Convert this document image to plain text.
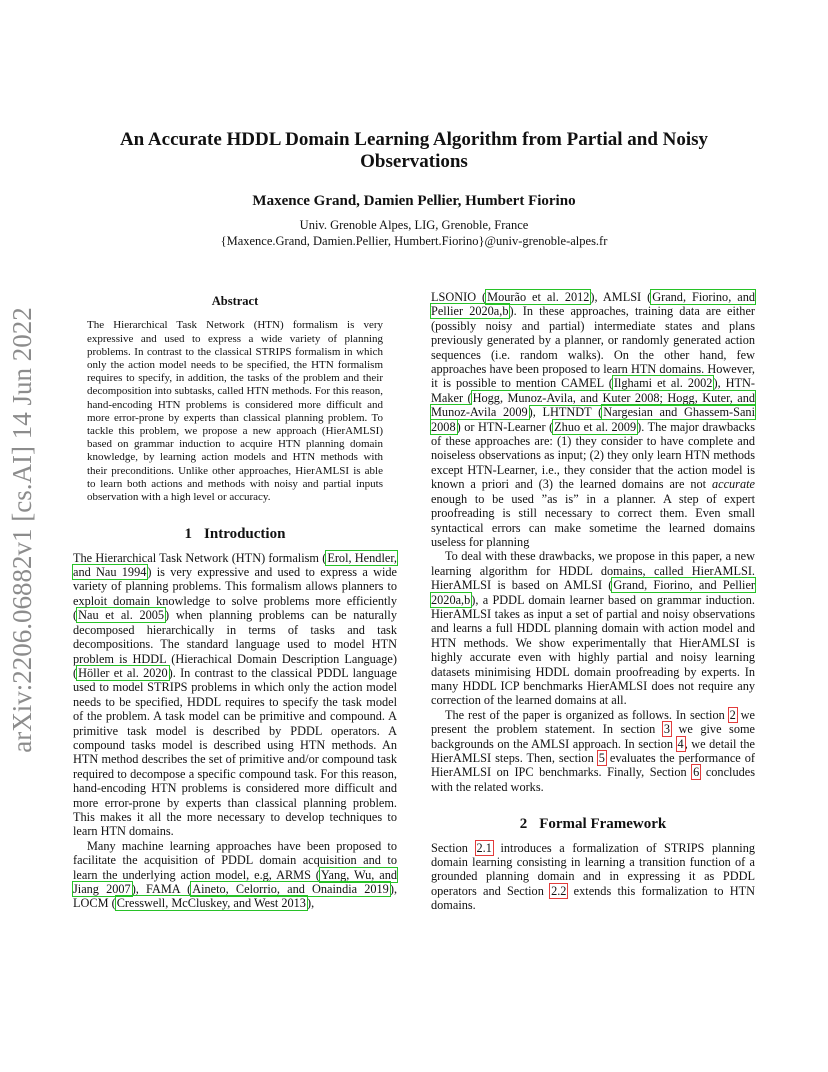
arXiv:2206.06882v1 [cs.AI] 14 Jun 2022
An Accurate HDDL Domain Learning Algorithm from Partial and Noisy Observations
Maxence Grand, Damien Pellier, Humbert Fiorino
Univ. Grenoble Alpes, LIG, Grenoble, France
{Maxence.Grand, Damien.Pellier, Humbert.Fiorino}@univ-grenoble-alpes.fr
Abstract

The Hierarchical Task Network (HTN) formalism is very expressive and used to express a wide variety of planning problems. In contrast to the classical STRIPS formalism in which only the action model needs to be specified, the HTN formalism requires to specify, in addition, the tasks of the problem and their decomposition into subtasks, called HTN methods. For this reason, hand-encoding HTN problems is considered more difficult and more error-prone by experts than classical planning problem. To tackle this problem, we propose a new approach (HierAMLSI) based on grammar induction to acquire HTN planning domain knowledge, by learning action models and HTN methods with their preconditions. Unlike other approaches, HierAMLSI is able to learn both actions and methods with noisy and partial inputs observation with a high level or accuracy.

1 Introduction

The Hierarchical Task Network (HTN) formalism (Erol, Hendler, and Nau 1994) is very expressive and used to express a wide variety of planning problems. This formalism allows planners to exploit domain knowledge to solve problems more efficiently (Nau et al. 2005) when planning problems can be naturally decomposed hierarchically in terms of tasks and task decompositions. The standard language used to model HTN problem is HDDL (Hierachical Domain Description Language) (Höller et al. 2020). In contrast to the classical PDDL language used to model STRIPS problems in which only the action model needs to be specified, HDDL requires to specify the task model of the problem. A task model can be primitive and compound. A primitive task model is described by PDDL operators. A compound tasks model is described using HTN methods. An HTN method describes the set of primitive and/or compound task required to decompose a specific compound task. For this reason, hand-encoding HTN problems is considered more difficult and more error-prone by experts than classical planning problem. This makes it all the more necessary to develop techniques to learn HTN domains.

Many machine learning approaches have been proposed to facilitate the acquisition of PDDL domain acquisition and to learn the underlying action model, e.g, ARMS (Yang, Wu, and Jiang 2007), FAMA (Aineto, Celorrio, and Onaindia 2019), LOCM (Cresswell, McCluskey, and West 2013),

LSONIO (Mourão et al. 2012), AMLSI (Grand, Fiorino, and Pellier 2020a,b). In these approaches, training data are either (possibly noisy and partial) intermediate states and plans previously generated by a planner, or randomly generated action sequences (i.e. random walks). On the other hand, few approaches have been proposed to learn HTN domains. However, it is possible to mention CAMEL (Ilghami et al. 2002), HTN-Maker (Hogg, Munoz-Avila, and Kuter 2008; Hogg, Kuter, and Munoz-Avila 2009), LHTNDT (Nargesian and Ghassem-Sani 2008) or HTN-Learner (Zhuo et al. 2009). The major drawbacks of these approaches are: (1) they consider to have complete and noiseless observations as input; (2) they only learn HTN methods except HTN-Learner, i.e., they consider that the action model is known a priori and (3) the learned domains are not accurate enough to be used ”as is” in a planner. A step of expert proofreading is still necessary to correct them. Even small syntactical errors can make sometime the learned domains useless for planning

To deal with these drawbacks, we propose in this paper, a new learning algorithm for HDDL domains, called HierAMLSI. HierAMLSI is based on AMLSI (Grand, Fiorino, and Pellier 2020a,b), a PDDL domain learner based on grammar induction. HierAMLSI takes as input a set of partial and noisy observations and learns a full HDDL planning domain with action model and HTN methods. We show experimentally that HierAMLSI is highly accurate even with highly partial and noisy learning datasets minimising HDDL domain proofreading by experts. In many HDDL ICP benchmarks HierAMLSI does not require any correction of the learned domains at all.

The rest of the paper is organized as follows. In section 2 we present the problem statement. In section 3 we give some backgrounds on the AMLSI approach. In section 4, we detail the HierAMLSI steps. Then, section 5 evaluates the performance of HierAMLSI on IPC benchmarks. Finally, Section 6 concludes with the related works.

2 Formal Framework

Section 2.1 introduces a formalization of STRIPS planning domain learning consisting in learning a transition function of a grounded planning domain and in expressing it as PDDL operators and Section 2.2 extends this formalization to HTN domains.
